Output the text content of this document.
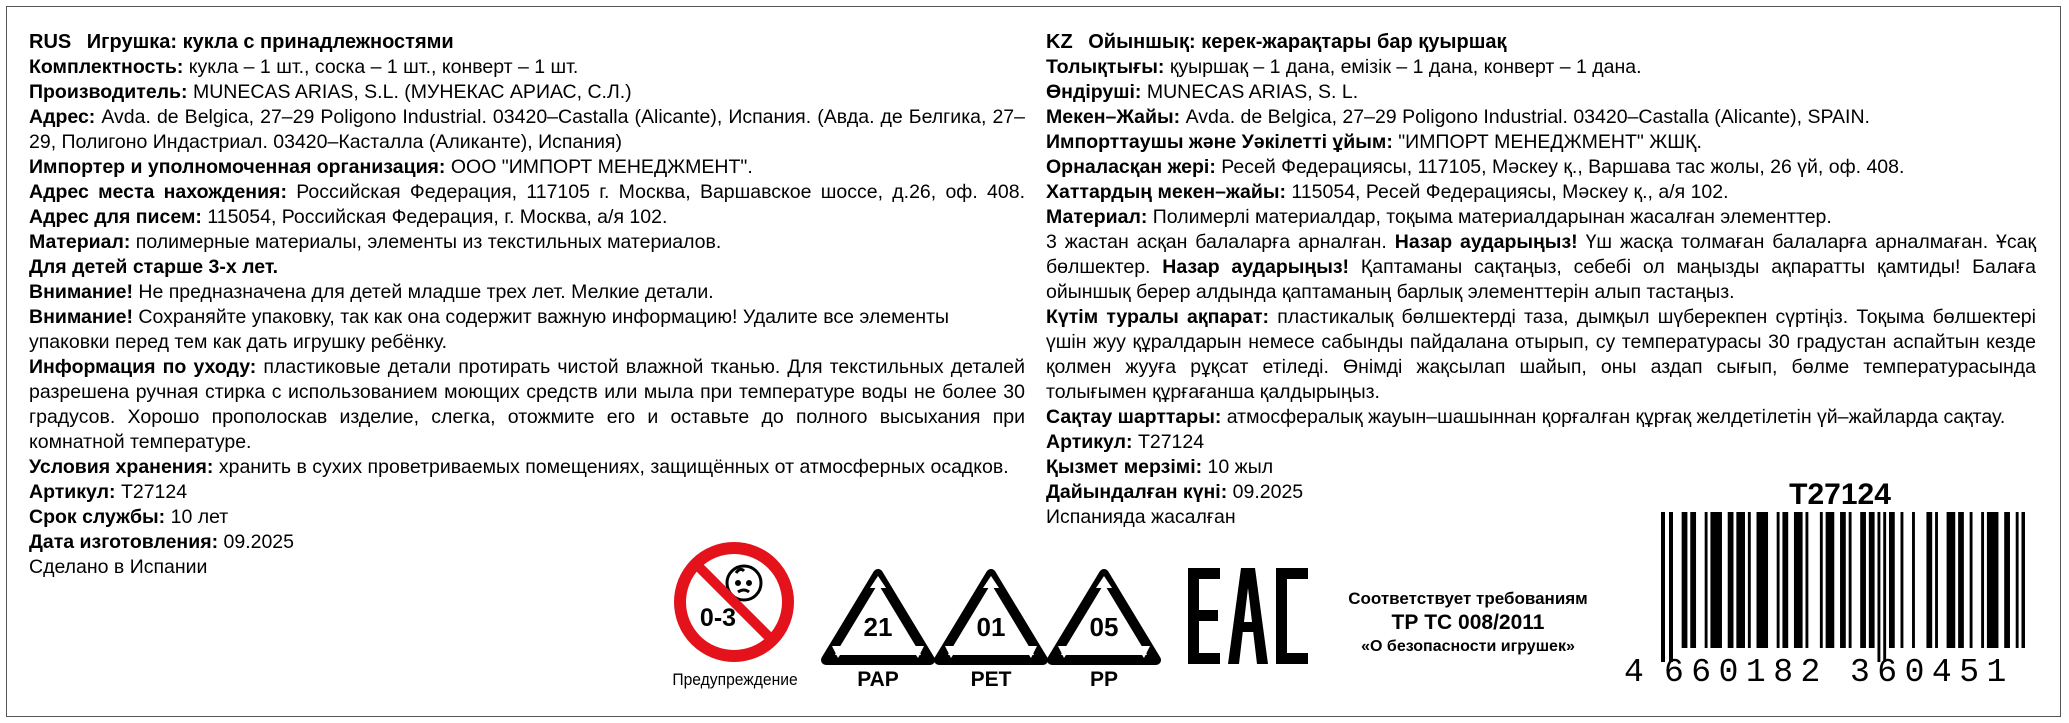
RUS Игрушка: кукла с принадлежностями

Комплектность: кукла – 1 шт., соска – 1 шт., конверт – 1 шт.

Производитель: MUNECAS ARIAS, S.L. (МУНЕКАС АРИАС, С.Л.)

Адрес: Avda. de Belgica, 27–29 Poligono Industrial. 03420–Castalla (Alicante), Испания. (Авда. де Белгика, 27–29, Полигоно Индастриал. 03420–Касталла (Аликанте), Испания)

Импортер и уполномоченная организация: ООО "ИМПОРТ МЕНЕДЖМЕНТ".

Адрес места нахождения: Российская Федерация, 117105 г. Москва, Варшавское шоссе, д.26, оф. 408. Адрес для писем: 115054, Российская Федерация, г. Москва, а/я 102.

Материал: полимерные материалы, элементы из текстильных материалов.

Для детей старше 3-х лет.

Внимание! Не предназначена для детей младше трех лет. Мелкие детали.

Внимание! Сохраняйте упаковку, так как она содержит важную информацию! Удалите все элементы упаковки перед тем как дать игрушку ребёнку.

Информация по уходу: пластиковые детали протирать чистой влажной тканью. Для текстильных деталей разрешена ручная стирка с использованием моющих средств или мыла при температуре воды не более 30 градусов. Хорошо прополоскав изделие, слегка, отожмите его и оставьте до полного высыхания при комнатной температуре.

Условия хранения: хранить в сухих проветриваемых помещениях, защищённых от атмосферных осадков.

Артикул: T27124

Срок службы: 10 лет

Дата изготовления: 09.2025

Сделано в Испании

KZ Ойыншық: керек-жарақтары бар қуыршақ

Толықтығы: қуыршақ – 1 дана, емізік – 1 дана, конверт – 1 дана.

Өндіруші: MUNECAS ARIAS, S. L.

Мекен–Жайы: Avda. de Belgica, 27–29 Poligono Industrial. 03420–Castalla (Alicante), SPAIN.

Импорттаушы және Уәкілетті ұйым: "ИМПОРТ МЕНЕДЖМЕНТ" ЖШҚ.

Орналасқан жері: Ресей Федерациясы, 117105, Мәскеу қ., Варшава тас жолы, 26 үй, оф. 408.

Хаттардың мекен–жайы: 115054, Ресей Федерациясы, Мәскеу қ., а/я 102.

Материал: Полимерлі материалдар, тоқыма материалдарынан жасалған элементтер.

3 жастан асқан балаларға арналған. Назар аударыңыз! Үш жасқа толмаған балаларға арналмаған. Ұсақ бөлшектер. Назар аударыңыз! Қаптаманы сақтаңыз, себебі ол маңызды ақпаратты қамтиды! Балаға ойыншық берер алдында қаптаманың барлық элементтерін алып тастаңыз.

Күтім туралы ақпарат: пластикалық бөлшектерді таза, дымқыл шүберекпен сүртіңіз. Тоқыма бөлшектері үшін жуу құралдарын немесе сабынды пайдалана отырып, су температурасы 30 градустан аспайтын кезде қолмен жууға рұқсат етіледі. Өнімді жақсылап шайып, оны аздап сығып, бөлме температурасында толығымен құрғағанша қалдырыңыз.

Сақтау шарттары: атмосфералық жауын–шашыннан қорғалған құрғақ желдетілетін үй–жайларда сақтау.

Артикул: T27124

Қызмет мерзімі: 10 жыл

Дайындалған күні: 09.2025

Испанияда жасалған

0-3
Предупреждение
21
PAP
01
PET
05
PP
Соответствует требованиям
ТР ТС 008/2011
«О безопасности игрушек»
T27124
4 660182 360451
